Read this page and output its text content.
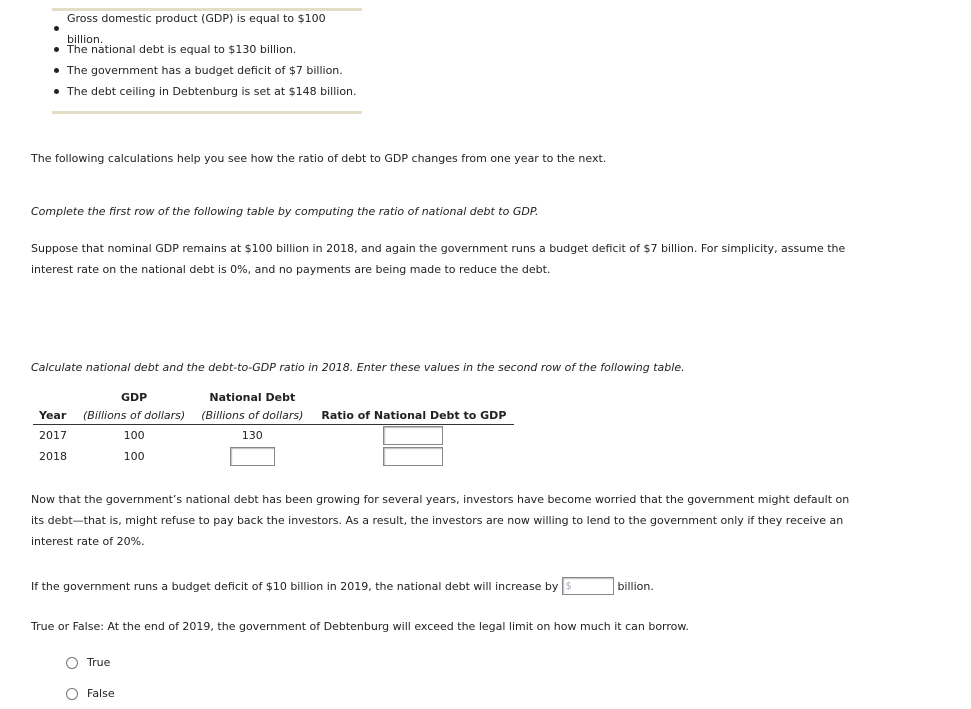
Gross domestic product (GDP) is equal to $100 billion.
The national debt is equal to $130 billion.
The government has a budget deficit of $7 billion.
The debt ceiling in Debtenburg is set at $148 billion.
The following calculations help you see how the ratio of debt to GDP changes from one year to the next.
Complete the first row of the following table by computing the ratio of national debt to GDP.
Suppose that nominal GDP remains at $100 billion in 2018, and again the government runs a budget deficit of $7 billion. For simplicity, assume the interest rate on the national debt is 0%, and no payments are being made to reduce the debt.
Calculate national debt and the debt-to-GDP ratio in 2018. Enter these values in the second row of the following table.
	GDP	National Debt	
Year	(Billions of dollars)	(Billions of dollars)	Ratio of National Debt to GDP
2017	100	130	
2018	100		
Now that the government’s national debt has been growing for several years, investors have become worried that the government might default on its debt—that is, might refuse to pay back the investors. As a result, the investors are now willing to lend to the government only if they receive an interest rate of 20%.
If the government runs a budget deficit of $10 billion in 2019, the national debt will increase by $	billion.
True or False: At the end of 2019, the government of Debtenburg will exceed the legal limit on how much it can borrow.
True
False
